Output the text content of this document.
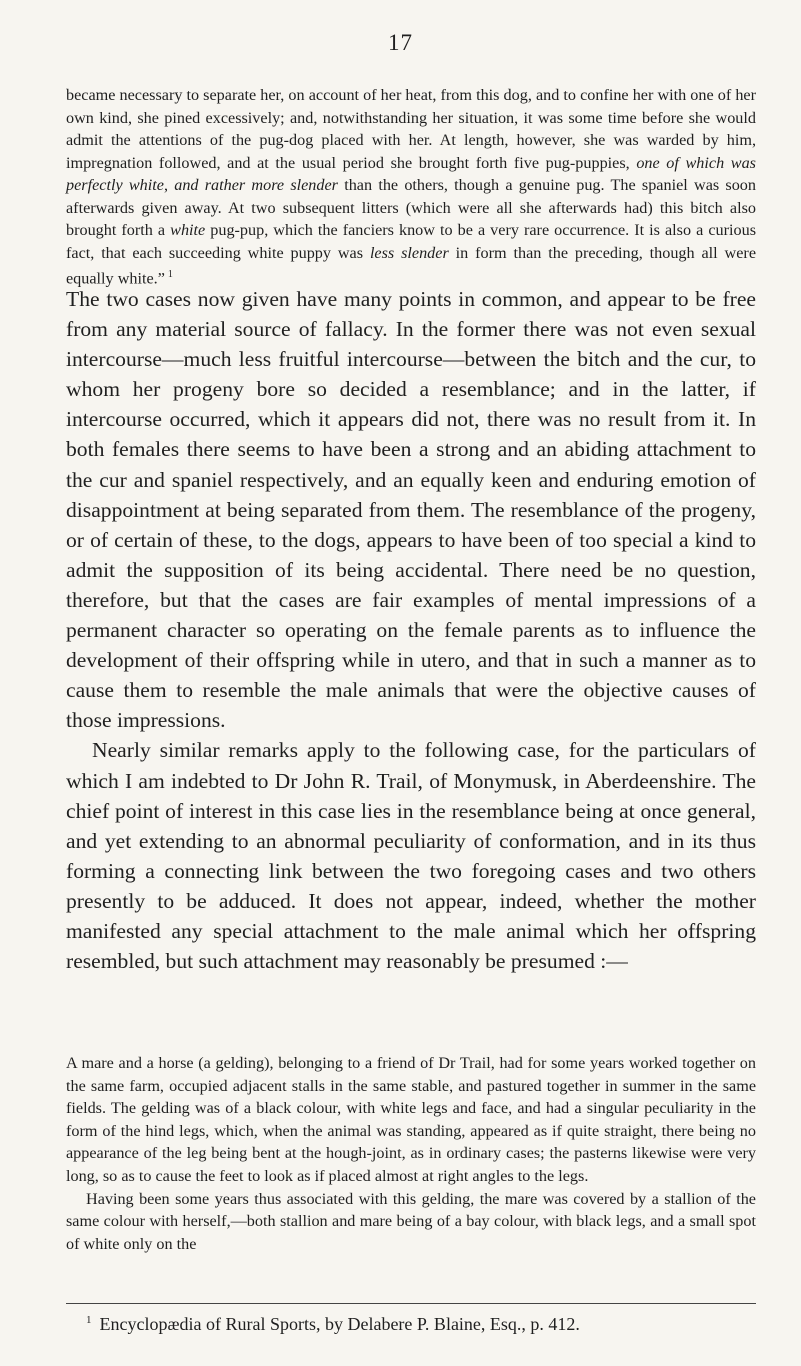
17
became necessary to separate her, on account of her heat, from this dog, and to confine her with one of her own kind, she pined excessively; and, notwithstanding her situation, it was some time before she would admit the attentions of the pug-dog placed with her. At length, however, she was warded by him, impregnation followed, and at the usual period she brought forth five pug-puppies, one of which was perfectly white, and rather more slender than the others, though a genuine pug. The spaniel was soon afterwards given away. At two subsequent litters (which were all she afterwards had) this bitch also brought forth a white pug-pup, which the fanciers know to be a very rare occurrence. It is also a curious fact, that each succeeding white puppy was less slender in form than the preceding, though all were equally white.” $^1$

The two cases now given have many points in common, and appear to be free from any material source of fallacy. In the former there was not even sexual intercourse—much less fruitful intercourse—between the bitch and the cur, to whom her progeny bore so decided a resemblance; and in the latter, if intercourse occurred, which it appears did not, there was no result from it. In both females there seems to have been a strong and an abiding attachment to the cur and spaniel respectively, and an equally keen and enduring emotion of disappointment at being separated from them. The resemblance of the progeny, or of certain of these, to the dogs, appears to have been of too special a kind to admit the supposition of its being accidental. There need be no question, therefore, but that the cases are fair examples of mental impressions of a permanent character so operating on the female parents as to influence the development of their offspring while in utero, and that in such a manner as to cause them to resemble the male animals that were the objective causes of those impressions.

Nearly similar remarks apply to the following case, for the particulars of which I am indebted to Dr John R. Trail, of Monymusk, in Aberdeenshire. The chief point of interest in this case lies in the resemblance being at once general, and yet extending to an abnormal peculiarity of conformation, and in its thus forming a connecting link between the two foregoing cases and two others presently to be adduced. It does not appear, indeed, whether the mother manifested any special attachment to the male animal which her offspring resembled, but such attachment may reasonably be presumed :—

A mare and a horse (a gelding), belonging to a friend of Dr Trail, had for some years worked together on the same farm, occupied adjacent stalls in the same stable, and pastured together in summer in the same fields. The gelding was of a black colour, with white legs and face, and had a singular peculiarity in the form of the hind legs, which, when the animal was standing, appeared as if quite straight, there being no appearance of the leg being bent at the hough-joint, as in ordinary cases; the pasterns likewise were very long, so as to cause the feet to look as if placed almost at right angles to the legs.

Having been some years thus associated with this gelding, the mare was covered by a stallion of the same colour with herself,—both stallion and mare being of a bay colour, with black legs, and a small spot of white only on the

$^1$ Encyclopædia of Rural Sports, by Delabere P. Blaine, Esq., p. 412.
